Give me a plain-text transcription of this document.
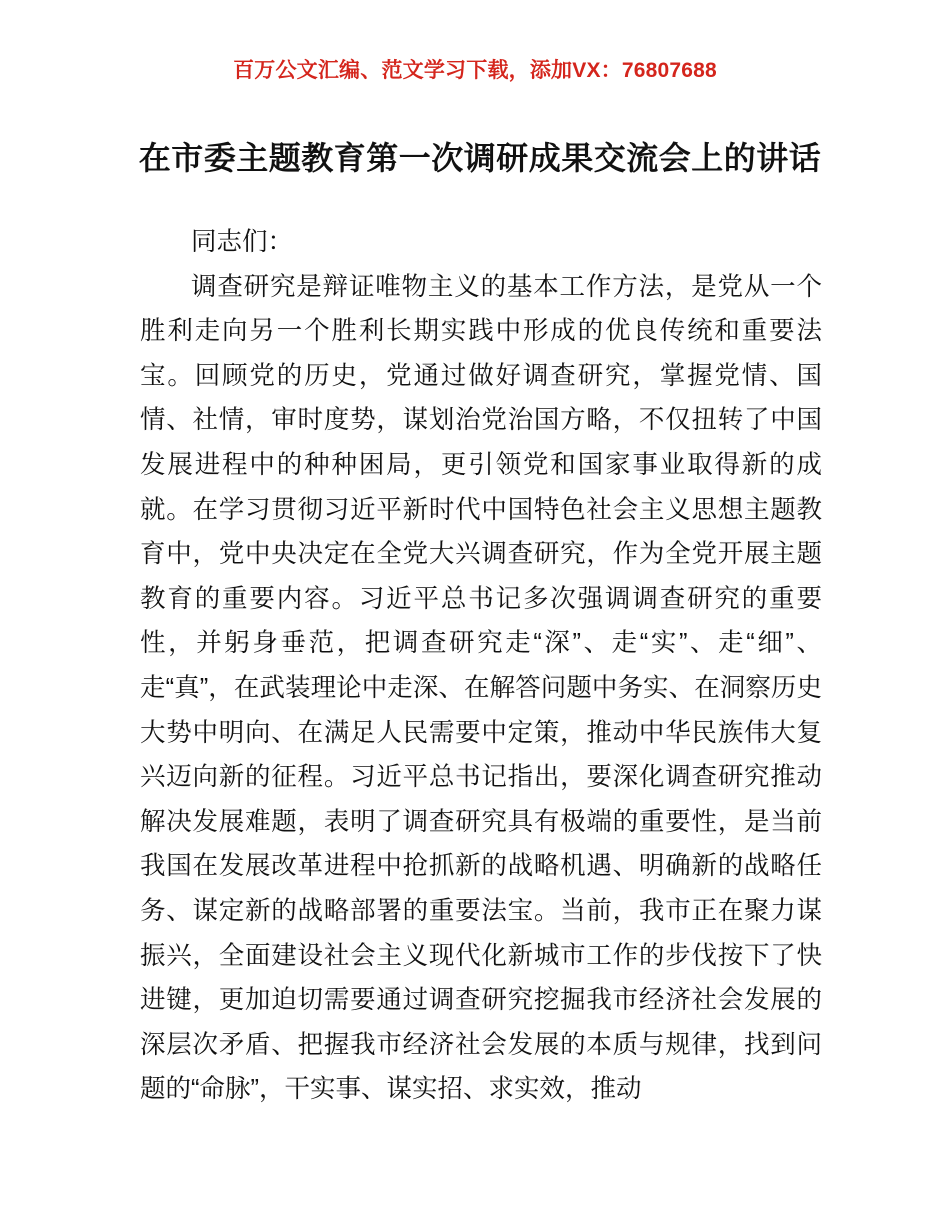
百万公文汇编、范文学习下载，添加VX：76807688
在市委主题教育第一次调研成果交流会上的讲话

同志们：

调查研究是辩证唯物主义的基本工作方法，是党从一个胜利走向另一个胜利长期实践中形成的优良传统和重要法宝。回顾党的历史，党通过做好调查研究，掌握党情、国情、社情，审时度势，谋划治党治国方略，不仅扭转了中国发展进程中的种种困局，更引领党和国家事业取得新的成就。在学习贯彻习近平新时代中国特色社会主义思想主题教育中，党中央决定在全党大兴调查研究，作为全党开展主题教育的重要内容。习近平总书记多次强调调查研究的重要性，并躬身垂范，把调查研究走“深”、走“实”、走“细”、走“真”，在武装理论中走深、在解答问题中务实、在洞察历史大势中明向、在满足人民需要中定策，推动中华民族伟大复兴迈向新的征程。习近平总书记指出，要深化调查研究推动解决发展难题，表明了调查研究具有极端的重要性，是当前我国在发展改革进程中抢抓新的战略机遇、明确新的战略任务、谋定新的战略部署的重要法宝。当前，我市正在聚力谋振兴，全面建设社会主义现代化新城市工作的步伐按下了快进键，更加迫切需要通过调查研究挖掘我市经济社会发展的深层次矛盾、把握我市经济社会发展的本质与规律，找到问题的“命脉”，干实事、谋实招、求实效，推动
